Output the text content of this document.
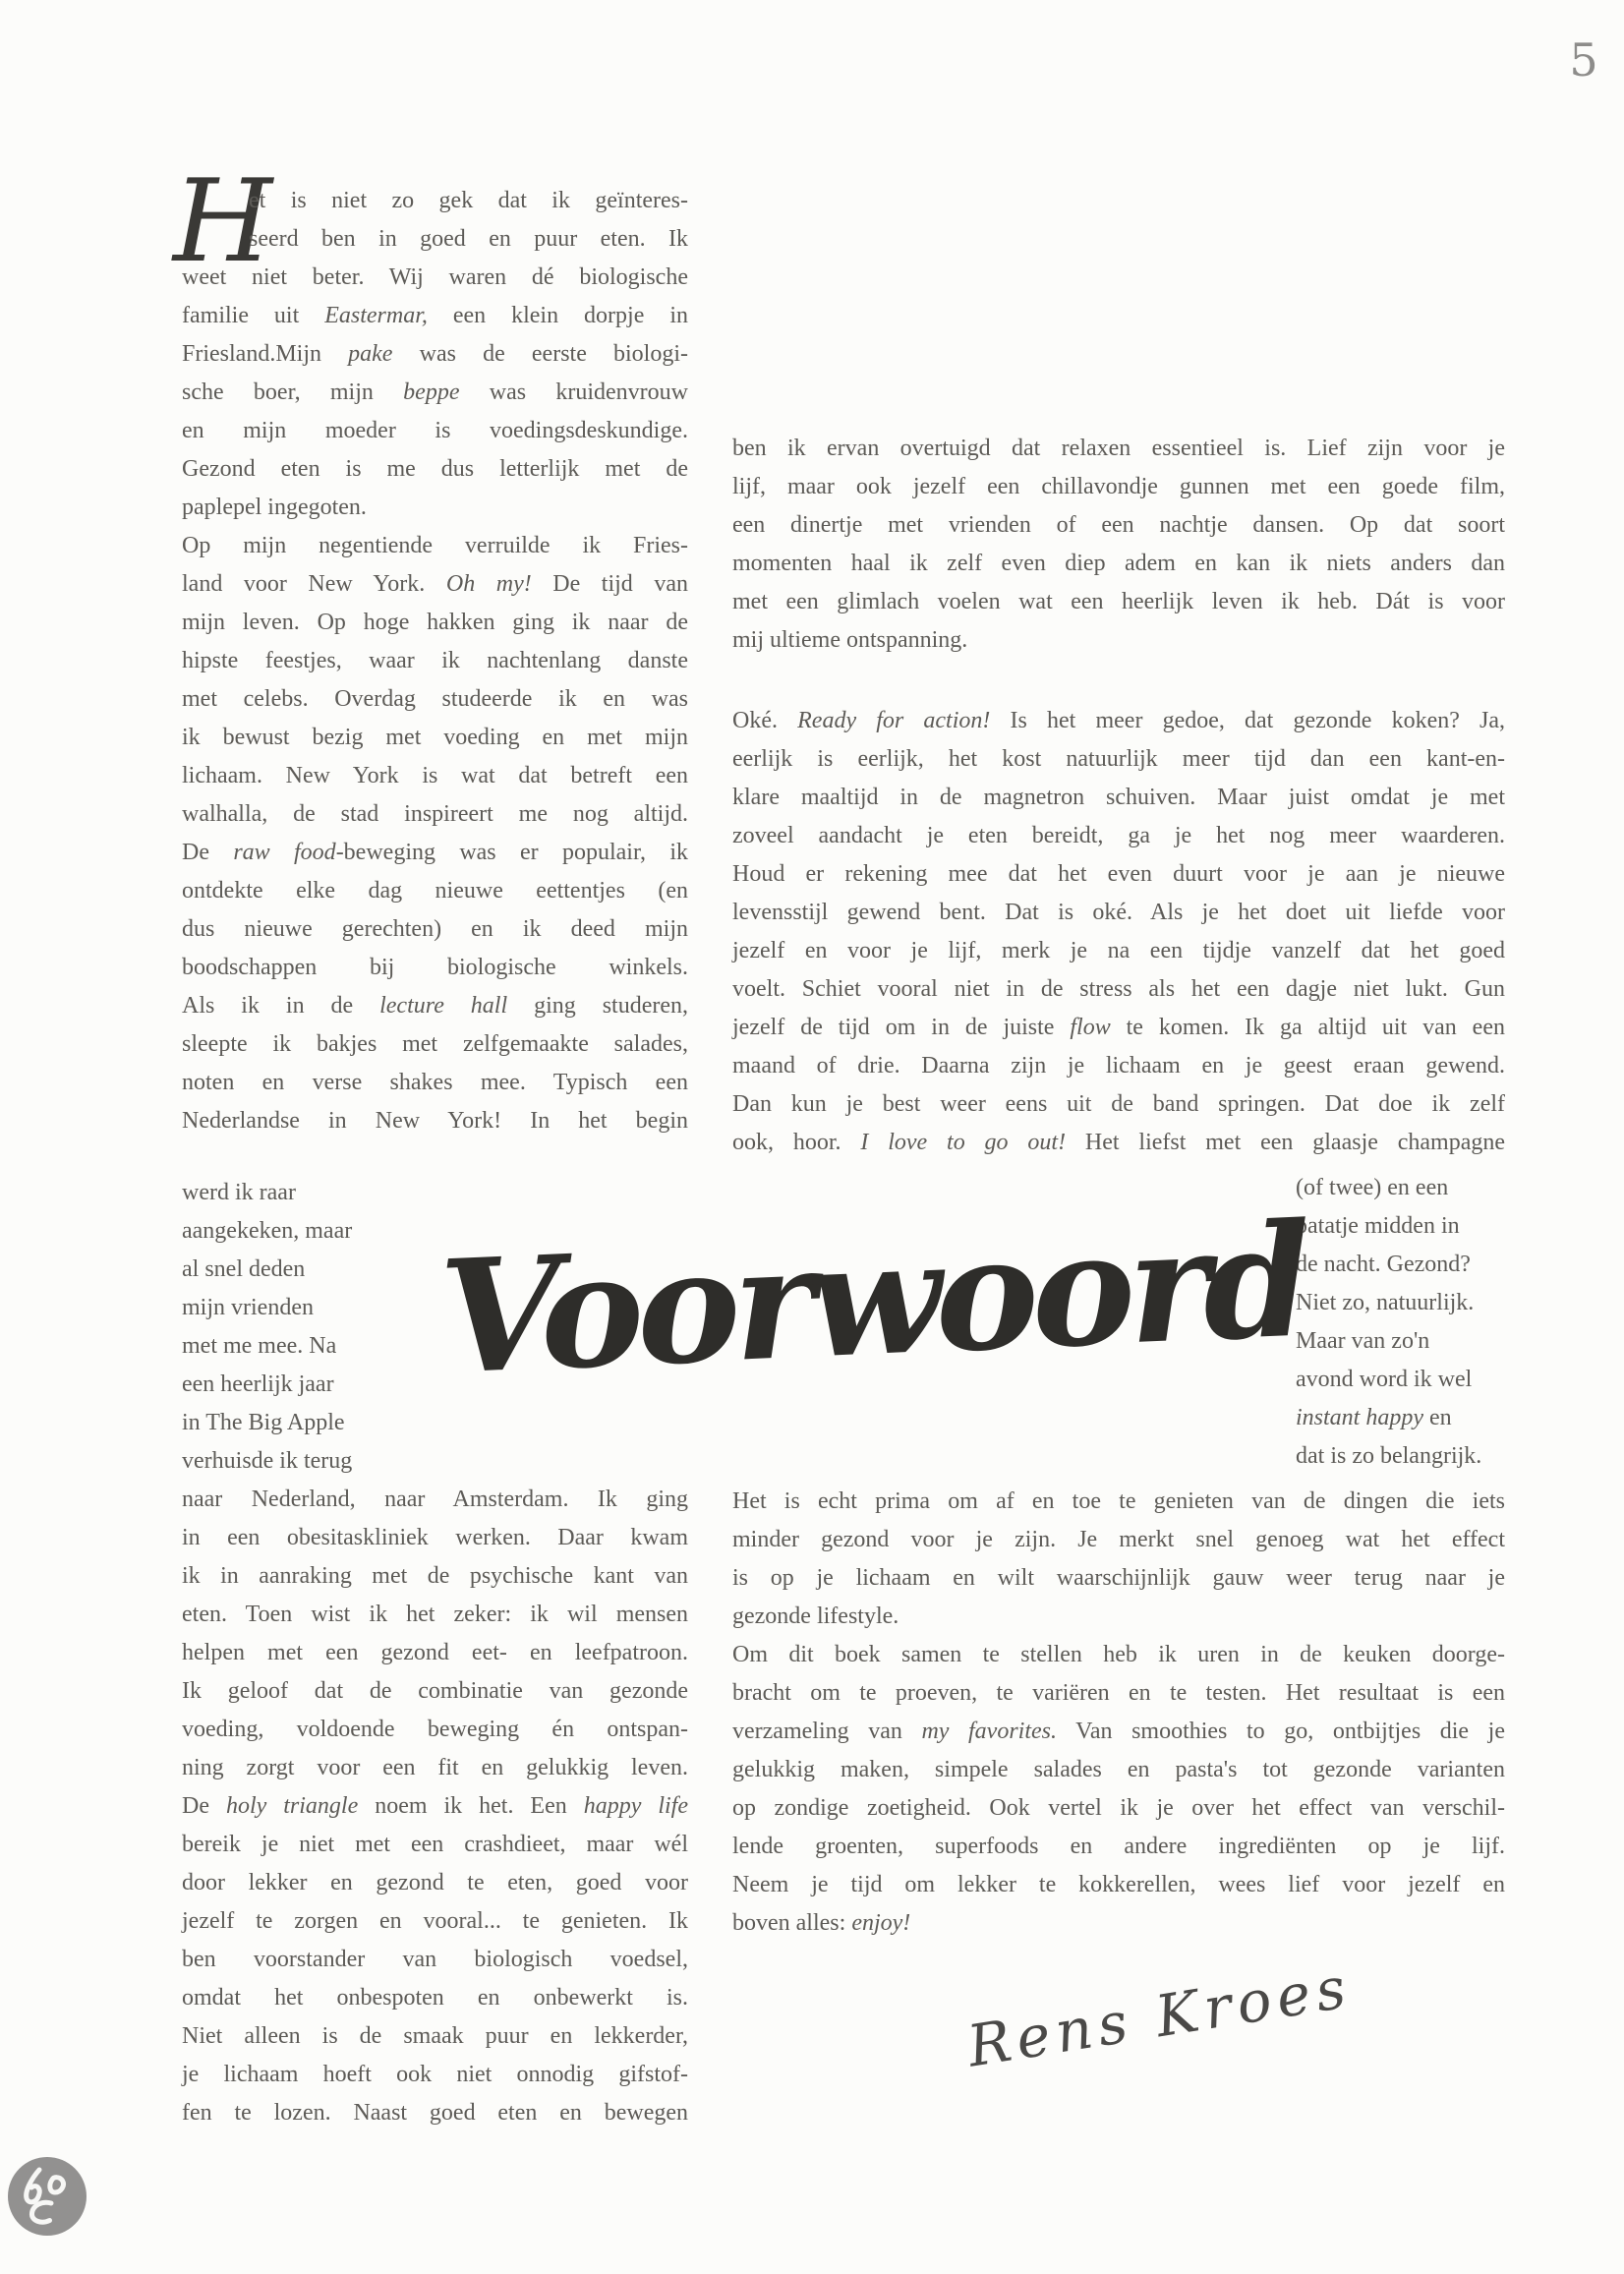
5
H
et is niet zo gek dat ik geïnteres-
seerd ben in goed en puur eten. Ik
weet niet beter. Wij waren dé biologische
familie uit Eastermar, een klein dorpje in
Friesland.Mijn pake was de eerste biologi-
sche boer, mijn beppe was kruidenvrouw
en mijn moeder is voedingsdeskundige.
Gezond eten is me dus letterlijk met de
paplepel ingegoten.
Op mijn negentiende verruilde ik Fries-
land voor New York. Oh my! De tijd van
mijn leven. Op hoge hakken ging ik naar de
hipste feestjes, waar ik nachtenlang danste
met celebs. Overdag studeerde ik en was
ik bewust bezig met voeding en met mijn
lichaam. New York is wat dat betreft een
walhalla, de stad inspireert me nog altijd.
De raw food-beweging was er populair, ik
ontdekte elke dag nieuwe eettentjes (en
dus nieuwe gerechten) en ik deed mijn
boodschappen bij biologische winkels.
Als ik in de lecture hall ging studeren,
sleepte ik bakjes met zelfgemaakte salades,
noten en verse shakes mee. Typisch een
Nederlandse in New York! In het begin
werd ik raar
aangekeken, maar
al snel deden
mijn vrienden
met me mee. Na
een heerlijk jaar
in The Big Apple
verhuisde ik terug
naar Nederland, naar Amsterdam. Ik ging
in een obesitaskliniek werken. Daar kwam
ik in aanraking met de psychische kant van
eten. Toen wist ik het zeker: ik wil mensen
helpen met een gezond eet- en leefpatroon.
Ik geloof dat de combinatie van gezonde
voeding, voldoende beweging én ontspan-
ning zorgt voor een fit en gelukkig leven.
De holy triangle noem ik het. Een happy life
bereik je niet met een crashdieet, maar wél
door lekker en gezond te eten, goed voor
jezelf te zorgen en vooral... te genieten. Ik
ben voorstander van biologisch voedsel,
omdat het onbespoten en onbewerkt is.
Niet alleen is de smaak puur en lekkerder,
je lichaam hoeft ook niet onnodig gifstof-
fen te lozen. Naast goed eten en bewegen
ben ik ervan overtuigd dat relaxen essentieel is. Lief zijn voor je
lijf, maar ook jezelf een chillavondje gunnen met een goede film,
een dinertje met vrienden of een nachtje dansen. Op dat soort
momenten haal ik zelf even diep adem en kan ik niets anders dan
met een glimlach voelen wat een heerlijk leven ik heb. Dát is voor
mij ultieme ontspanning.
Oké. Ready for action! Is het meer gedoe, dat gezonde koken? Ja,
eerlijk is eerlijk, het kost natuurlijk meer tijd dan een kant-en-
klare maaltijd in de magnetron schuiven. Maar juist omdat je met
zoveel aandacht je eten bereidt, ga je het nog meer waarderen.
Houd er rekening mee dat het even duurt voor je aan je nieuwe
levensstijl gewend bent. Dat is oké. Als je het doet uit liefde voor
jezelf en voor je lijf, merk je na een tijdje vanzelf dat het goed
voelt. Schiet vooral niet in de stress als het een dagje niet lukt. Gun
jezelf de tijd om in de juiste flow te komen. Ik ga altijd uit van een
maand of drie. Daarna zijn je lichaam en je geest eraan gewend.
Dan kun je best weer eens uit de band springen. Dat doe ik zelf
ook, hoor. I love to go out! Het liefst met een glaasje champagne
(of twee) en een
patatje midden in
de nacht. Gezond?
Niet zo, natuurlijk.
Maar van zo'n
avond word ik wel
instant happy en
dat is zo belangrijk.
Het is echt prima om af en toe te genieten van de dingen die iets
minder gezond voor je zijn. Je merkt snel genoeg wat het effect
is op je lichaam en wilt waarschijnlijk gauw weer terug naar je
gezonde lifestyle.
Om dit boek samen te stellen heb ik uren in de keuken doorge-
bracht om te proeven, te variëren en te testen. Het resultaat is een
verzameling van my favorites. Van smoothies to go, ontbijtjes die je
gelukkig maken, simpele salades en pasta's tot gezonde varianten
op zondige zoetigheid. Ook vertel ik je over het effect van verschil-
lende groenten, superfoods en andere ingrediënten op je lijf.
Neem je tijd om lekker te kokkerellen, wees lief voor jezelf en
boven alles: enjoy!
Voorwoord
Rens Kroes
